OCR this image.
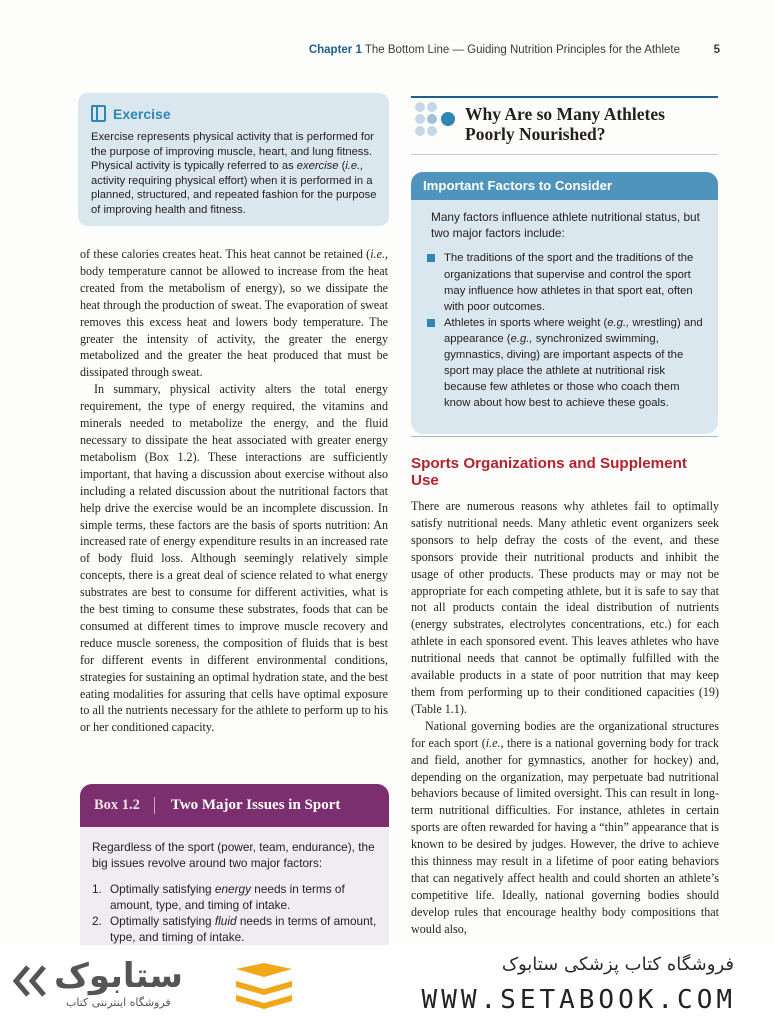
Chapter 1 The Bottom Line — Guiding Nutrition Principles for the Athlete	5
Exercise
Exercise represents physical activity that is performed for the purpose of improving muscle, heart, and lung fitness. Physical activity is typically referred to as exercise (i.e., activity requiring physical effort) when it is performed in a planned, structured, and repeated fashion for the purpose of improving health and fitness.

of these calories creates heat. This heat cannot be retained (i.e., body temperature cannot be allowed to increase from the heat created from the metabolism of energy), so we dissipate the heat through the production of sweat. The evaporation of sweat removes this excess heat and lowers body temperature. The greater the intensity of activity, the greater the energy metabolized and the greater the heat produced that must be dissipated through sweat.

In summary, physical activity alters the total energy requirement, the type of energy required, the vitamins and minerals needed to metabolize the energy, and the fluid necessary to dissipate the heat associated with greater energy metabolism (Box 1.2). These interactions are sufficiently important, that having a discussion about exercise without also including a related discussion about the nutritional factors that help drive the exercise would be an incomplete discussion. In simple terms, these factors are the basis of sports nutrition: An increased rate of energy expenditure results in an increased rate of body fluid loss. Although seemingly relatively simple concepts, there is a great deal of science related to what energy substrates are best to consume for different activities, what is the best timing to consume these substrates, foods that can be consumed at different times to improve muscle recovery and reduce muscle soreness, the composition of fluids that is best for different events in different environmental conditions, strategies for sustaining an optimal hydration state, and the best eating modalities for assuring that cells have optimal exposure to all the nutrients necessary for the athlete to perform up to his or her conditioned capacity.

Box 1.2	Two Major Issues in Sport
Regardless of the sport (power, team, endurance), the big issues revolve around two major factors:
1. Optimally satisfying energy needs in terms of amount, type, and timing of intake.
2. Optimally satisfying fluid needs in terms of amount, type, and timing of intake.
Why Are so Many Athletes Poorly Nourished?
Important Factors to Consider
Many factors influence athlete nutritional status, but two major factors include:
The traditions of the sport and the traditions of the organizations that supervise and control the sport may influence how athletes in that sport eat, often with poor outcomes.
Athletes in sports where weight (e.g., wrestling) and appearance (e.g., synchronized swimming, gymnastics, diving) are important aspects of the sport may place the athlete at nutritional risk because few athletes or those who coach them know about how best to achieve these goals.
Sports Organizations and Supplement Use

There are numerous reasons why athletes fail to optimally satisfy nutritional needs. Many athletic event organizers seek sponsors to help defray the costs of the event, and these sponsors provide their nutritional products and inhibit the usage of other products. These products may or may not be appropriate for each competing athlete, but it is safe to say that not all products contain the ideal distribution of nutrients (energy substrates, electrolytes concentrations, etc.) for each athlete in each sponsored event. This leaves athletes who have nutritional needs that cannot be optimally fulfilled with the available products in a state of poor nutrition that may keep them from performing up to their conditioned capacities (19) (Table 1.1).

National governing bodies are the organizational structures for each sport (i.e., there is a national governing body for track and field, another for gymnastics, another for hockey) and, depending on the organization, may perpetuate bad nutritional behaviors because of limited oversight. This can result in long-term nutritional difficulties. For instance, athletes in certain sports are often rewarded for having a “thin” appearance that is known to be desired by judges. However, the drive to achieve this thinness may result in a lifetime of poor eating behaviors that can negatively affect health and could shorten an athlete’s competitive life. Ideally, national governing bodies should develop rules that encourage healthy body compositions that would also,

ستابوک
فروشگاه اینترنتی کتاب
فروشگاه کتاب پزشکی ستابوک
WWW.SETABOOK.COM
